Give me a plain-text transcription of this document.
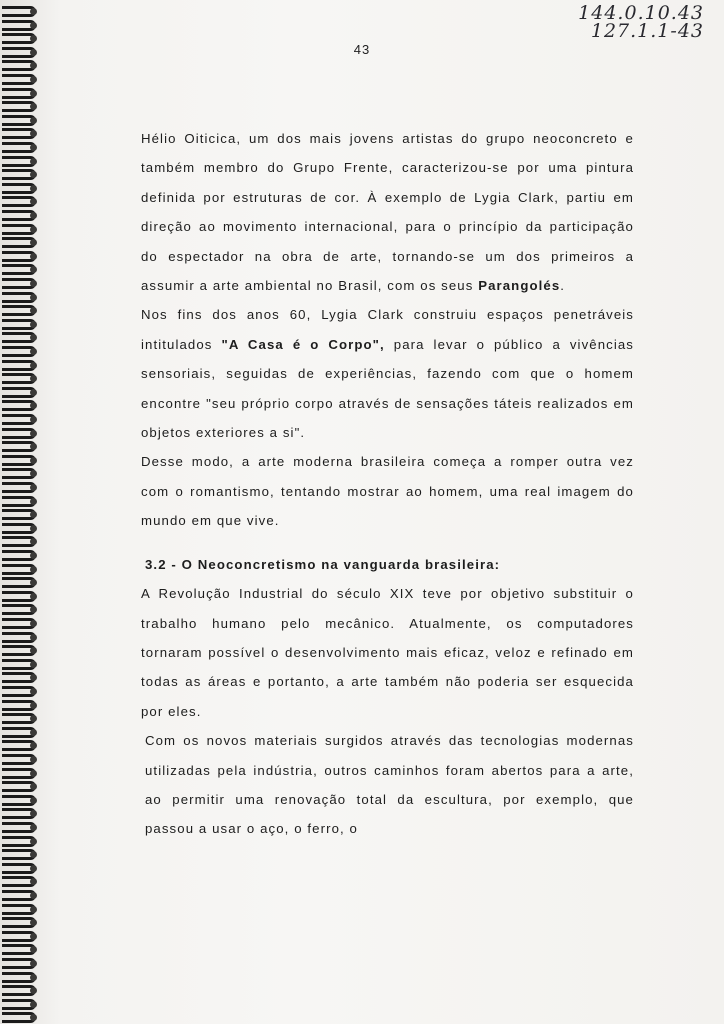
144.0.10.43
127.1.1-43
43

Hélio Oiticica, um dos mais jovens artistas do grupo neoconcreto e também membro do Grupo Frente, caracterizou-se por uma pintura definida por estruturas de cor. À exemplo de Lygia Clark, partiu em direção ao movimento internacional, para o princípio da participação do espectador na obra de arte, tornando-se um dos primeiros a assumir a arte ambiental no Brasil, com os seus Parangolés.

Nos fins dos anos 60, Lygia Clark construiu espaços penetráveis intitulados "A Casa é o Corpo", para levar o público a vivências sensoriais, seguidas de experiências, fazendo com que o homem encontre "seu próprio corpo através de sensações táteis realizados em objetos exteriores a si".

Desse modo, a arte moderna brasileira começa a romper outra vez com o romantismo, tentando mostrar ao homem, uma real imagem do mundo em que vive.

3.2 - O Neoconcretismo na vanguarda brasileira:

A Revolução Industrial do século XIX teve por objetivo substituir o trabalho humano pelo mecânico. Atualmente, os computadores tornaram possível o desenvolvimento mais eficaz, veloz e refinado em todas as áreas e portanto, a arte também não poderia ser esquecida por eles.

Com os novos materiais surgidos através das tecnologias modernas utilizadas pela indústria, outros caminhos foram abertos para a arte, ao permitir uma renovação total da escultura, por exemplo, que passou a usar o aço, o ferro, o
